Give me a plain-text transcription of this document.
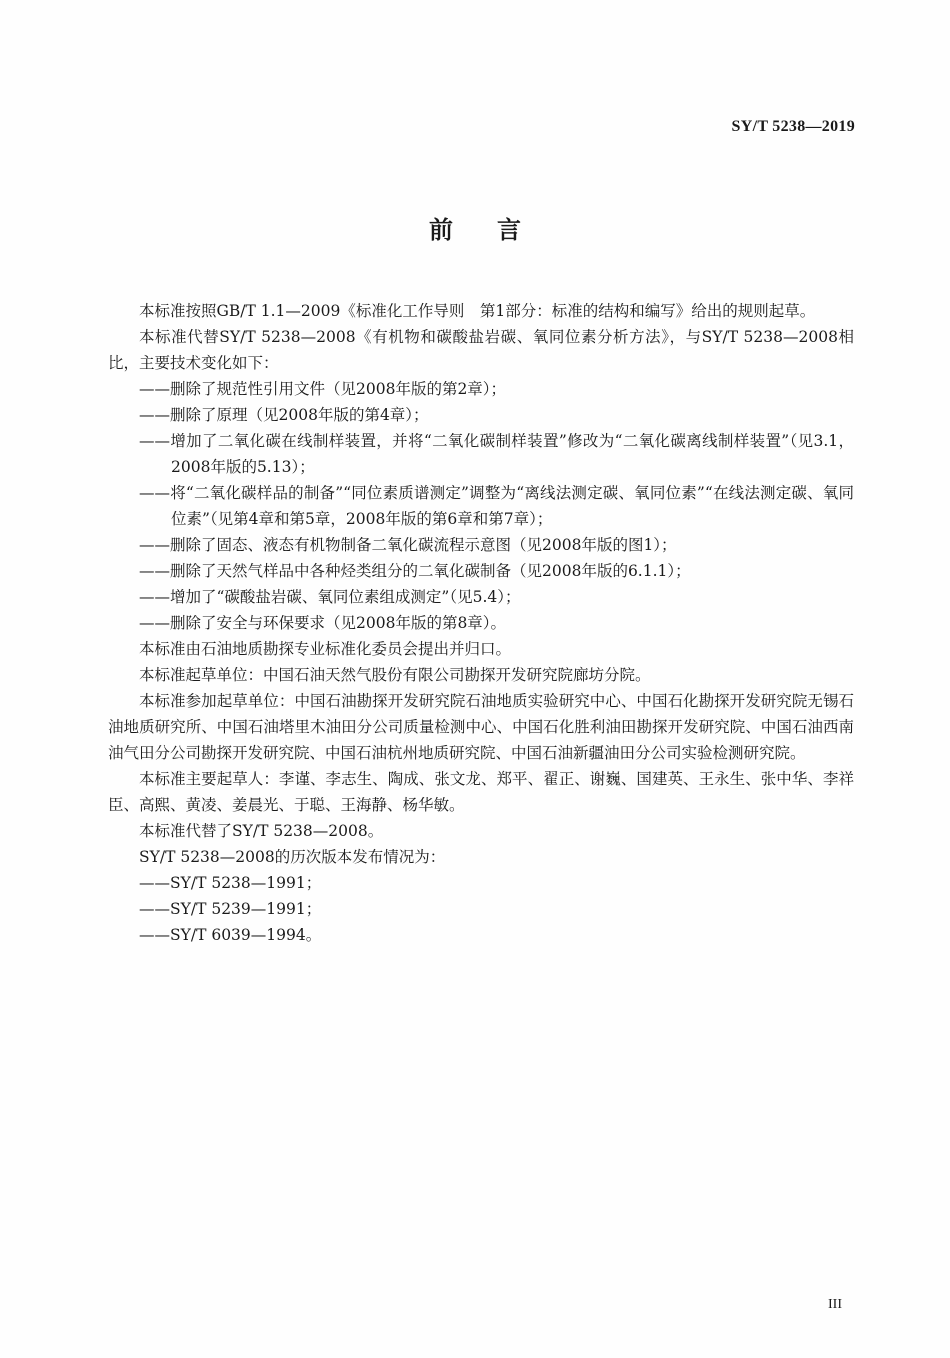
SY/T 5238—2019
前言

本标准按照GB/T 1.1—2009《标准化工作导则　第1部分：标准的结构和编写》给出的规则起草。

本标准代替SY/T 5238—2008《有机物和碳酸盐岩碳、氧同位素分析方法》，与SY/T 5238—2008相比，主要技术变化如下：

——删除了规范性引用文件（见2008年版的第2章）；

——删除了原理（见2008年版的第4章）；

——增加了二氧化碳在线制样装置，并将“二氧化碳制样装置”修改为“二氧化碳离线制样装置”（见3.1，2008年版的5.13）；

——将“二氧化碳样品的制备”“同位素质谱测定”调整为“离线法测定碳、氧同位素”“在线法测定碳、氧同位素”（见第4章和第5章，2008年版的第6章和第7章）；

——删除了固态、液态有机物制备二氧化碳流程示意图（见2008年版的图1）；

——删除了天然气样品中各种烃类组分的二氧化碳制备（见2008年版的6.1.1）；

——增加了“碳酸盐岩碳、氧同位素组成测定”（见5.4）；

——删除了安全与环保要求（见2008年版的第8章）。

本标准由石油地质勘探专业标准化委员会提出并归口。

本标准起草单位：中国石油天然气股份有限公司勘探开发研究院廊坊分院。

本标准参加起草单位：中国石油勘探开发研究院石油地质实验研究中心、中国石化勘探开发研究院无锡石油地质研究所、中国石油塔里木油田分公司质量检测中心、中国石化胜利油田勘探开发研究院、中国石油西南油气田分公司勘探开发研究院、中国石油杭州地质研究院、中国石油新疆油田分公司实验检测研究院。

本标准主要起草人：李谨、李志生、陶成、张文龙、郑平、翟正、谢巍、国建英、王永生、张中华、李祥臣、高熙、黄凌、姜晨光、于聪、王海静、杨华敏。

本标准代替了SY/T 5238—2008。

SY/T 5238—2008的历次版本发布情况为：

——SY/T 5238—1991；

——SY/T 5239—1991；

——SY/T 6039—1994。

III
